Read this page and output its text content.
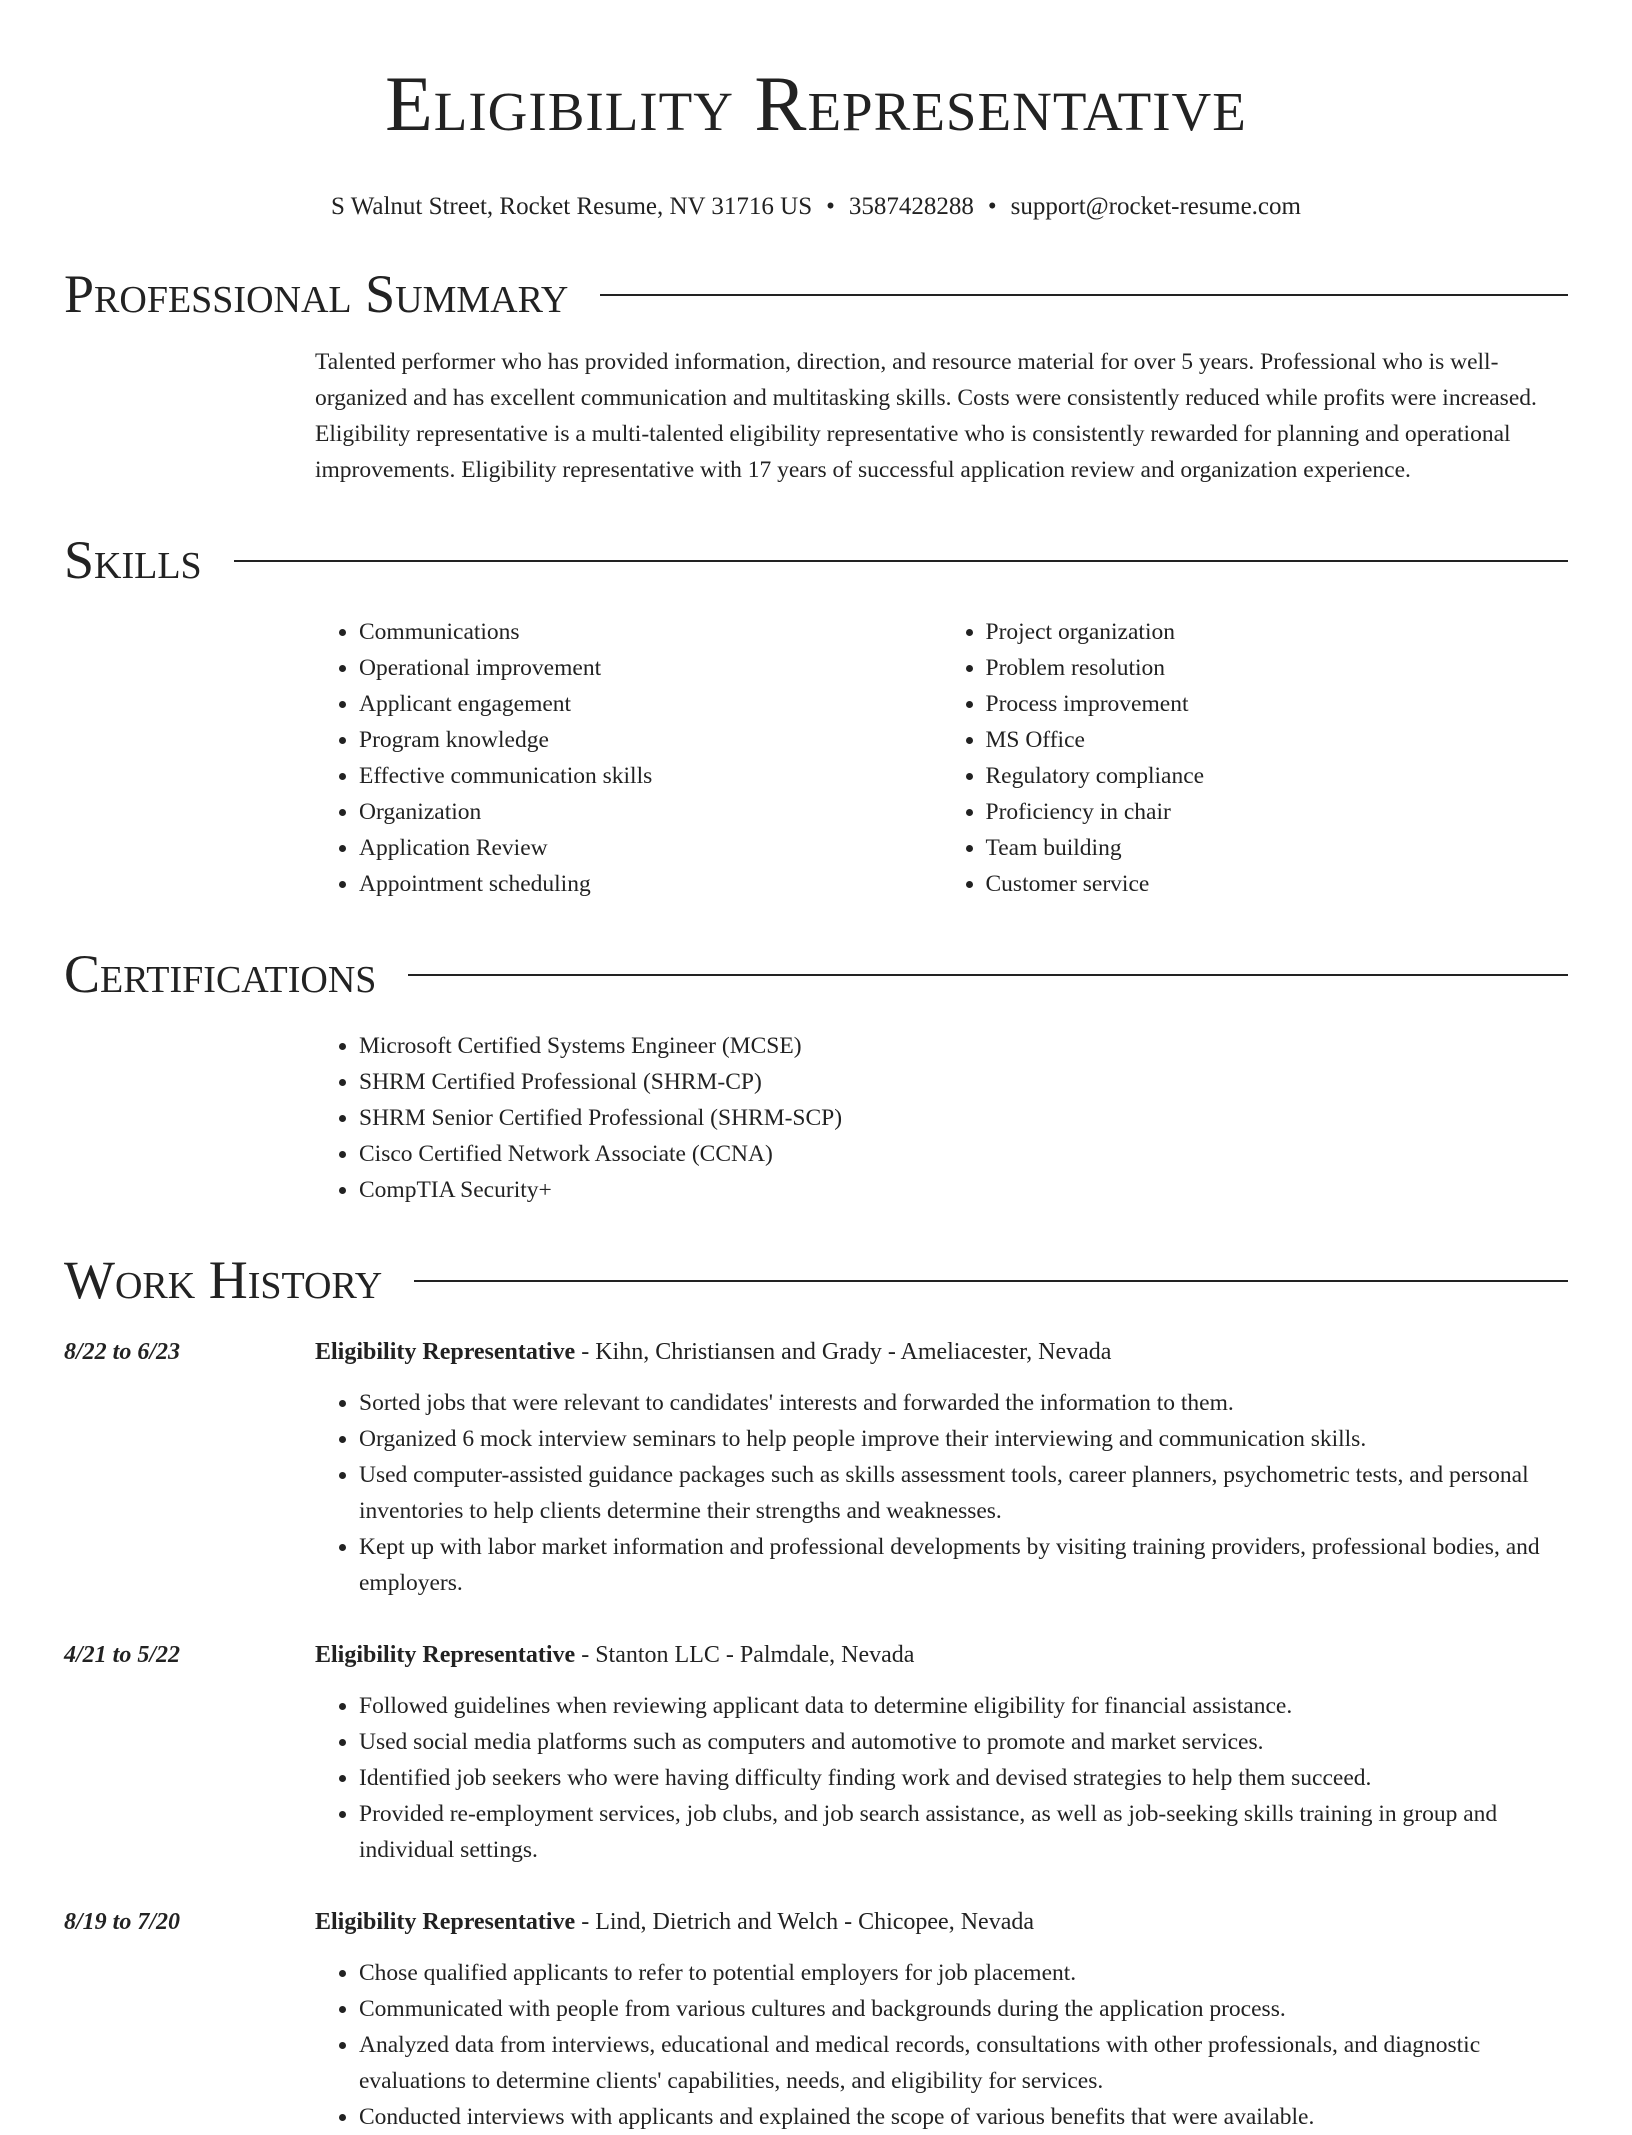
Eligibility Representative
S Walnut Street, Rocket Resume, NV 31716 US • 3587428288 • support@rocket-resume.com
Professional Summary
Talented performer who has provided information, direction, and resource material for over 5 years. Professional who is well-organized and has excellent communication and multitasking skills. Costs were consistently reduced while profits were increased. Eligibility representative is a multi-talented eligibility representative who is consistently rewarded for planning and operational improvements. Eligibility representative with 17 years of successful application review and organization experience.
Skills
• Communications
• Operational improvement
• Applicant engagement
• Program knowledge
• Effective communication skills
• Organization
• Application Review
• Appointment scheduling
• Project organization
• Problem resolution
• Process improvement
• MS Office
• Regulatory compliance
• Proficiency in chair
• Team building
• Customer service
Certifications
• Microsoft Certified Systems Engineer (MCSE)
• SHRM Certified Professional (SHRM-CP)
• SHRM Senior Certified Professional (SHRM-SCP)
• Cisco Certified Network Associate (CCNA)
• CompTIA Security+
Work History
8/22 to 6/23	Eligibility Representative - Kihn, Christiansen and Grady - Ameliacester, Nevada
• Sorted jobs that were relevant to candidates' interests and forwarded the information to them.
• Organized 6 mock interview seminars to help people improve their interviewing and communication skills.
• Used computer-assisted guidance packages such as skills assessment tools, career planners, psychometric tests, and personal inventories to help clients determine their strengths and weaknesses.
• Kept up with labor market information and professional developments by visiting training providers, professional bodies, and employers.
4/21 to 5/22	Eligibility Representative - Stanton LLC - Palmdale, Nevada
• Followed guidelines when reviewing applicant data to determine eligibility for financial assistance.
• Used social media platforms such as computers and automotive to promote and market services.
• Identified job seekers who were having difficulty finding work and devised strategies to help them succeed.
• Provided re-employment services, job clubs, and job search assistance, as well as job-seeking skills training in group and individual settings.
8/19 to 7/20	Eligibility Representative - Lind, Dietrich and Welch - Chicopee, Nevada
• Chose qualified applicants to refer to potential employers for job placement.
• Communicated with people from various cultures and backgrounds during the application process.
• Analyzed data from interviews, educational and medical records, consultations with other professionals, and diagnostic evaluations to determine clients' capabilities, needs, and eligibility for services.
• Conducted interviews with applicants and explained the scope of various benefits that were available.
